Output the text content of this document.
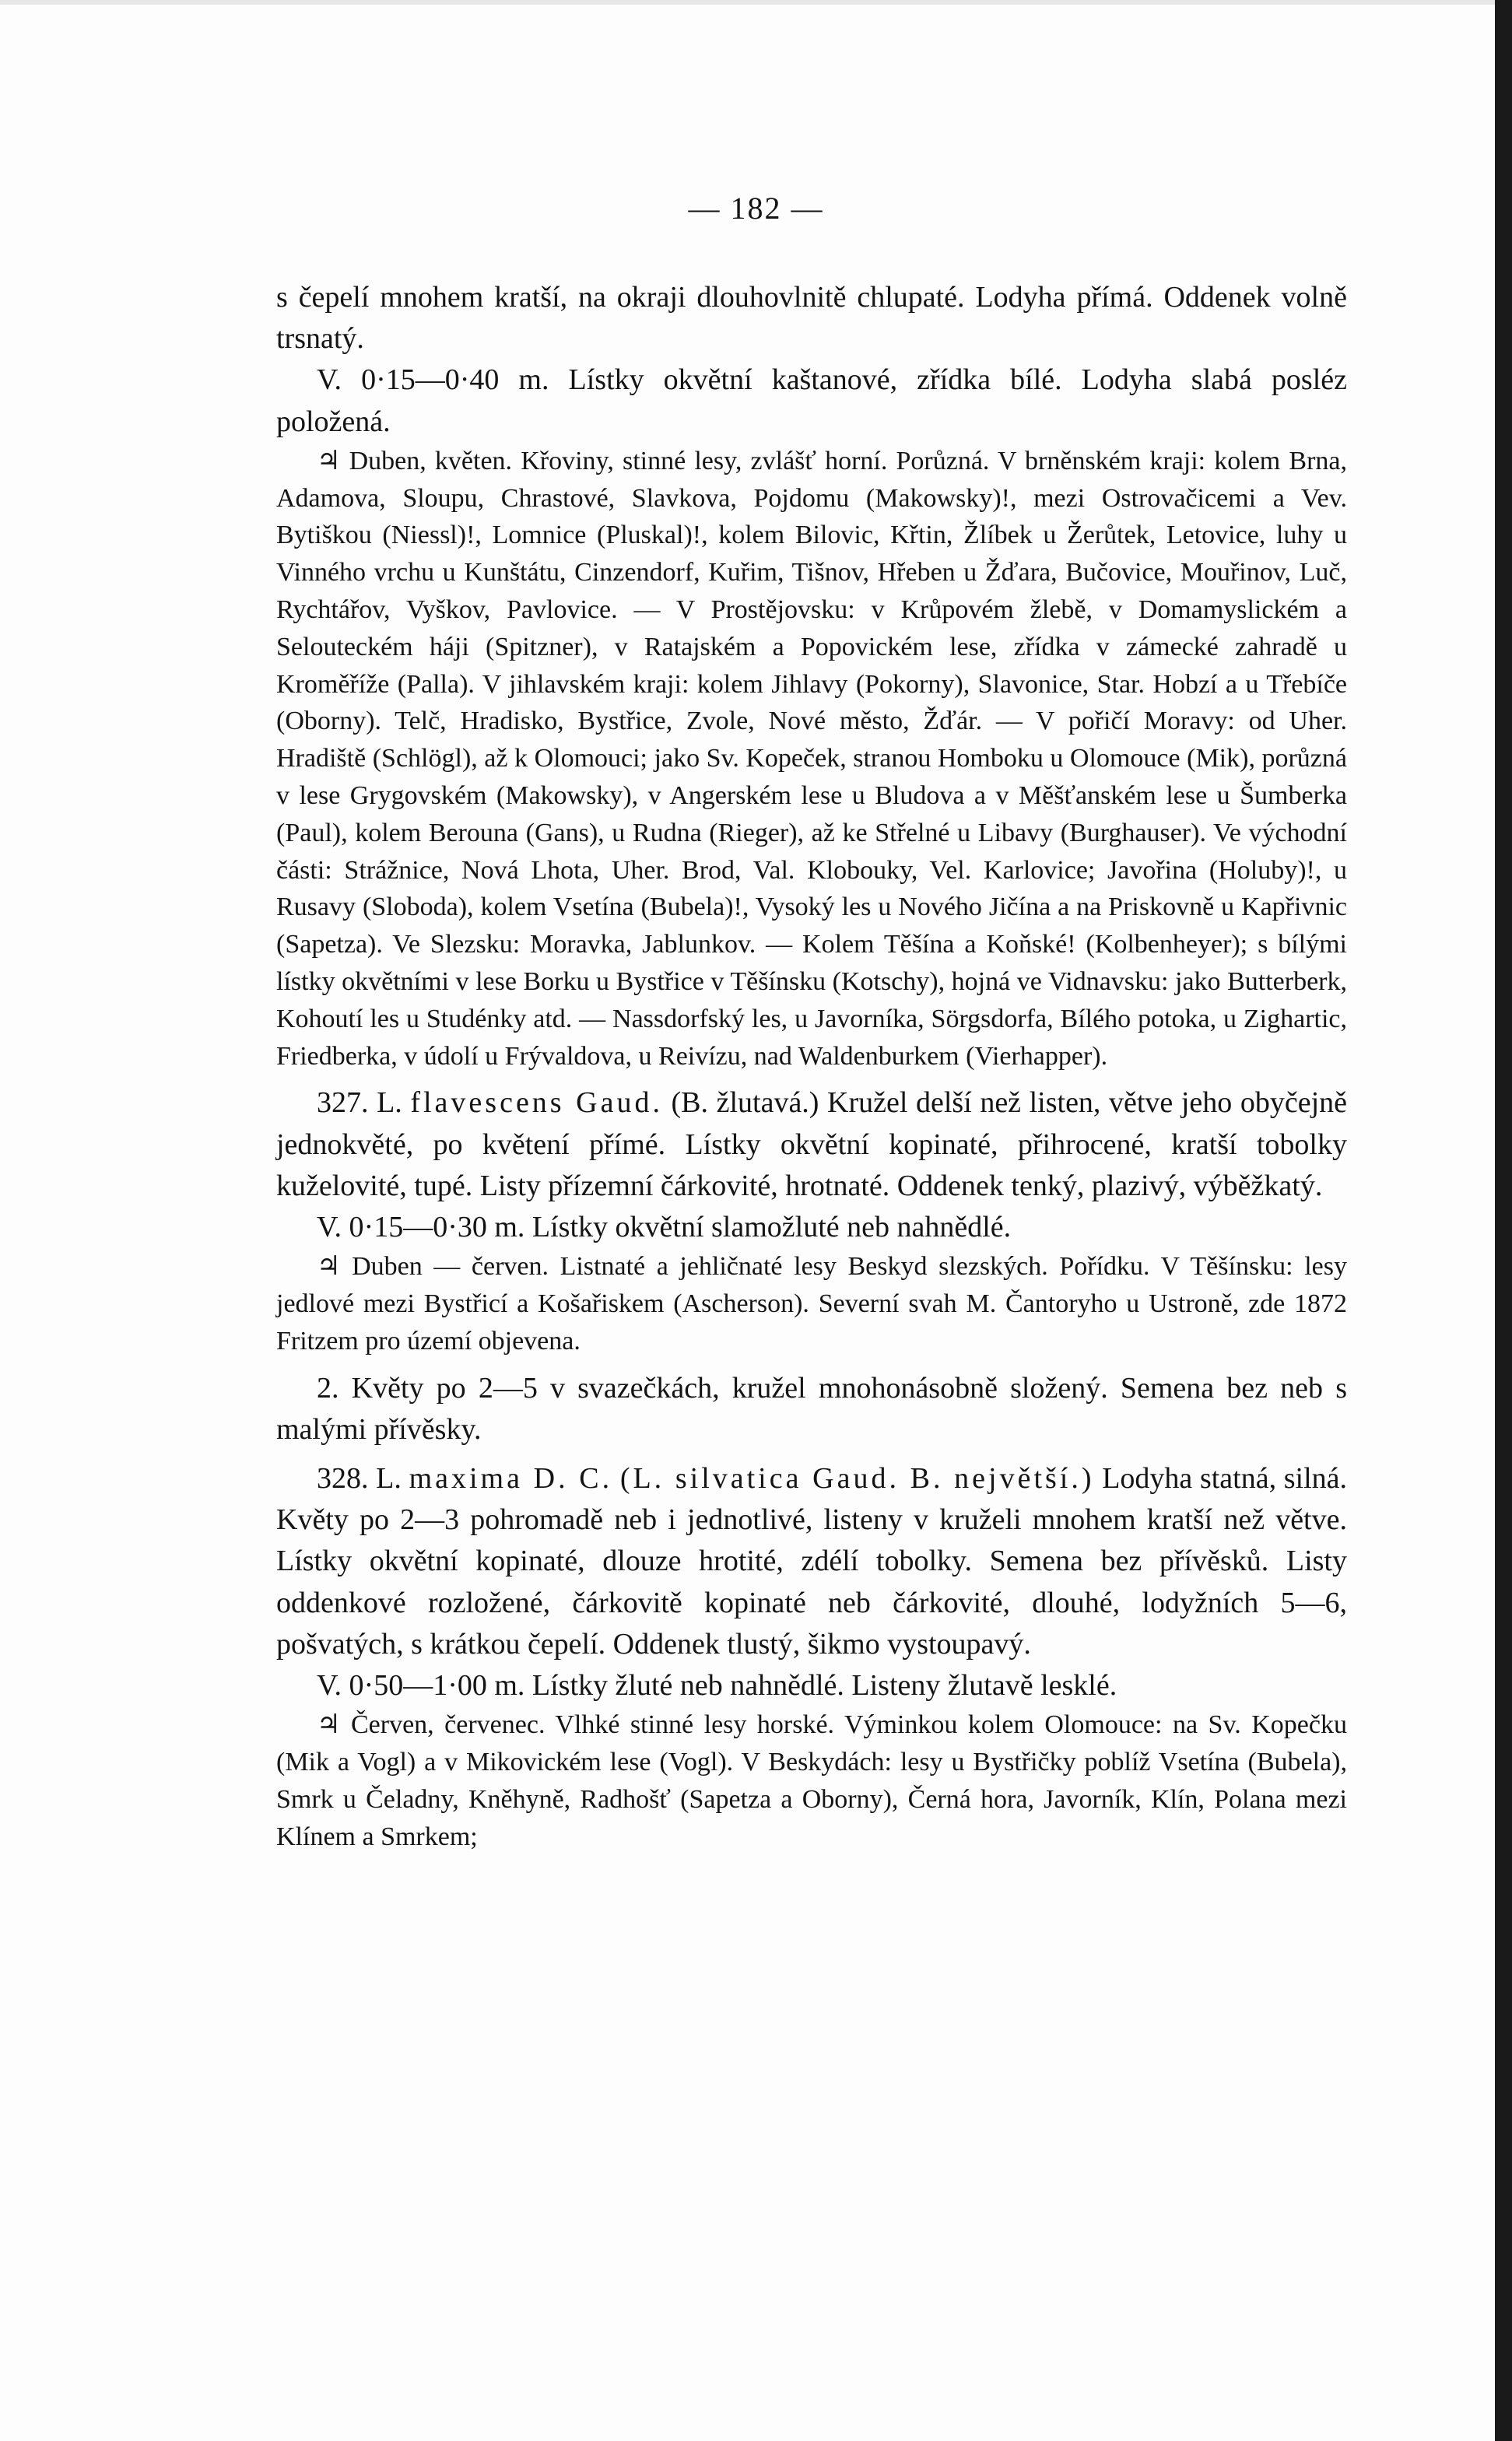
— 182 —

s čepelí mnohem kratší, na okraji dlouhovlnitě chlupaté. Lodyha přímá. Oddenek volně trsnatý.

V. 0·15—0·40 m. Lístky okvětní kaštanové, zřídka bílé. Lodyha slabá posléz položená.

♃ Duben, květen. Křoviny, stinné lesy, zvlášť horní. Porůzná. V brněnském kraji: kolem Brna, Adamova, Sloupu, Chrastové, Slavkova, Pojdomu (Makowsky)!, mezi Ostrovačicemi a Vev. Bytiškou (Niessl)!, Lomnice (Pluskal)!, kolem Bilovic, Křtin, Žlíbek u Žerůtek, Letovice, luhy u Vinného vrchu u Kunštátu, Cinzendorf, Kuřim, Tišnov, Hřeben u Žďara, Bučovice, Mouřinov, Luč, Rychtářov, Vyškov, Pavlovice. — V Prostějovsku: v Krůpovém žlebě, v Domamyslickém a Selouteckém háji (Spitzner), v Ratajském a Popovickém lese, zřídka v zámecké zahradě u Kroměříže (Palla). V jihlavském kraji: kolem Jihlavy (Pokorny), Slavonice, Star. Hobzí a u Třebíče (Oborny). Telč, Hradisko, Bystřice, Zvole, Nové město, Žďár. — V pořičí Moravy: od Uher. Hradiště (Schlögl), až k Olomouci; jako Sv. Kopeček, stranou Homboku u Olomouce (Mik), porůzná v lese Grygovském (Makowsky), v Angerském lese u Bludova a v Měšťanském lese u Šumberka (Paul), kolem Berouna (Gans), u Rudna (Rieger), až ke Střelné u Libavy (Burghauser). Ve východní části: Strážnice, Nová Lhota, Uher. Brod, Val. Klobouky, Vel. Karlovice; Javořina (Holuby)!, u Rusavy (Sloboda), kolem Vsetína (Bubela)!, Vysoký les u Nového Jičína a na Priskovně u Kapřivnic (Sapetza). Ve Slezsku: Moravka, Jablunkov. — Kolem Těšína a Koňské! (Kolbenheyer); s bílými lístky okvětními v lese Borku u Bystřice v Těšínsku (Kotschy), hojná ve Vidnavsku: jako Butterberk, Kohoutí les u Studénky atd. — Nassdorfský les, u Javorníka, Sörgsdorfa, Bílého potoka, u Zighartic, Friedberka, v údolí u Frývaldova, u Reivízu, nad Waldenburkem (Vierhapper).

327. L. flavescens Gaud. (B. žlutavá.) Kružel delší než listen, větve jeho obyčejně jednokvěté, po květení přímé. Lístky okvětní kopinaté, přihrocené, kratší tobolky kuželovité, tupé. Listy přízemní čárkovité, hrotnaté. Oddenek tenký, plazivý, výběžkatý.

V. 0·15—0·30 m. Lístky okvětní slamožluté neb nahnědlé.

♃ Duben — červen. Listnaté a jehličnaté lesy Beskyd slezských. Pořídku. V Těšínsku: lesy jedlové mezi Bystřicí a Košařiskem (Ascherson). Severní svah M. Čantoryho u Ustroně, zde 1872 Fritzem pro území objevena.

2. Květy po 2—5 v svazečkách, kružel mnohonásobně složený. Semena bez neb s malými přívěsky.

328. L. maxima D. C. (L. silvatica Gaud. B. největší.) Lodyha statná, silná. Květy po 2—3 pohromadě neb i jednotlivé, listeny v kruželi mnohem kratší než větve. Lístky okvětní kopinaté, dlouze hrotité, zdélí tobolky. Semena bez přívěsků. Listy oddenkové rozložené, čárkovitě kopinaté neb čárkovité, dlouhé, lodyžních 5—6, pošvatých, s krátkou čepelí. Oddenek tlustý, šikmo vystoupavý.

V. 0·50—1·00 m. Lístky žluté neb nahnědlé. Listeny žlutavě lesklé.

♃ Červen, červenec. Vlhké stinné lesy horské. Výminkou kolem Olomouce: na Sv. Kopečku (Mik a Vogl) a v Mikovickém lese (Vogl). V Beskydách: lesy u Bystřičky poblíž Vsetína (Bubela), Smrk u Čeladny, Kněhyně, Radhošť (Sapetza a Oborny), Černá hora, Javorník, Klín, Polana mezi Klínem a Smrkem;
